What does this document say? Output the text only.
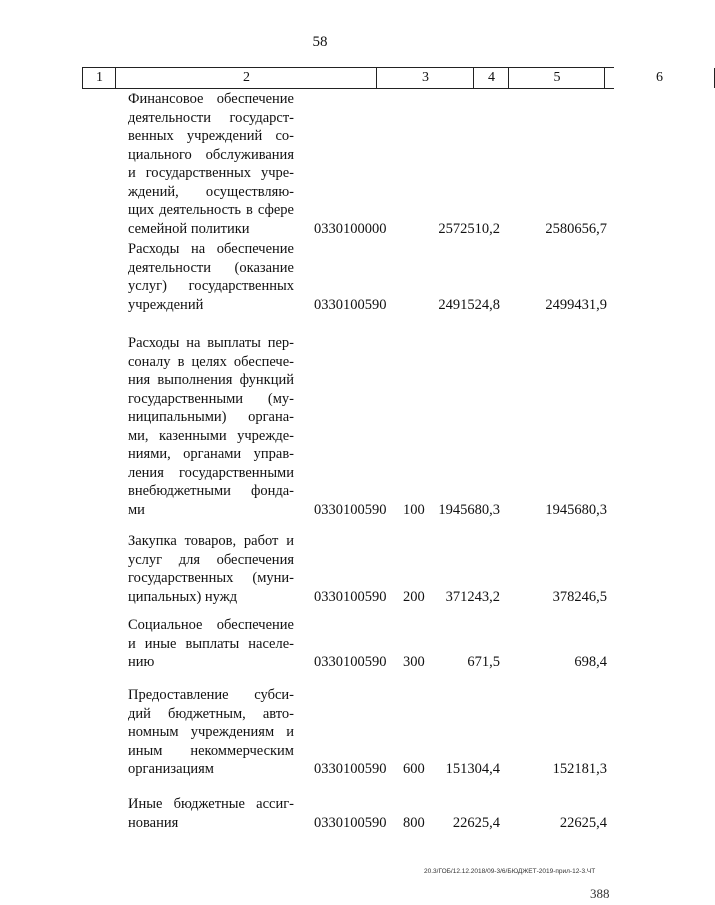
58
1	2	3	4	5	6
Финансовое обеспечение
деятельности государст-
венных учреждений со-
циального обслуживания
и государственных учре-
ждений, осуществляю-
щих деятельность в сфере
семейной политики	0330100000	2572510,2	2580656,7
Расходы на обеспечение
деятельности (оказание
услуг) государственных
учреждений	0330100590	2491524,8	2499431,9
Расходы на выплаты пер-
соналу в целях обеспече-
ния выполнения функций
государственными (му-
ниципальными) органа-
ми, казенными учрежде-
ниями, органами управ-
ления государственными
внебюджетными фонда-
ми	0330100590 100 1945680,3	1945680,3
Закупка товаров, работ и
услуг для обеспечения
государственных (муни-
ципальных) нужд	0330100590 200 371243,2	378246,5
Социальное обеспечение
и иные выплаты населе-
нию	0330100590 300	671,5	698,4
Предоставление субси-
дий бюджетным, авто-
номным учреждениям и
иным некоммерческим
организациям	0330100590 600 151304,4	152181,3
Иные бюджетные ассиг-
нования	0330100590 800 22625,4	22625,4
20.3/ГОБ/12.12.2018/09-3/6/БЮДЖЕТ-2019-прил-12-3.ЧТ
388
